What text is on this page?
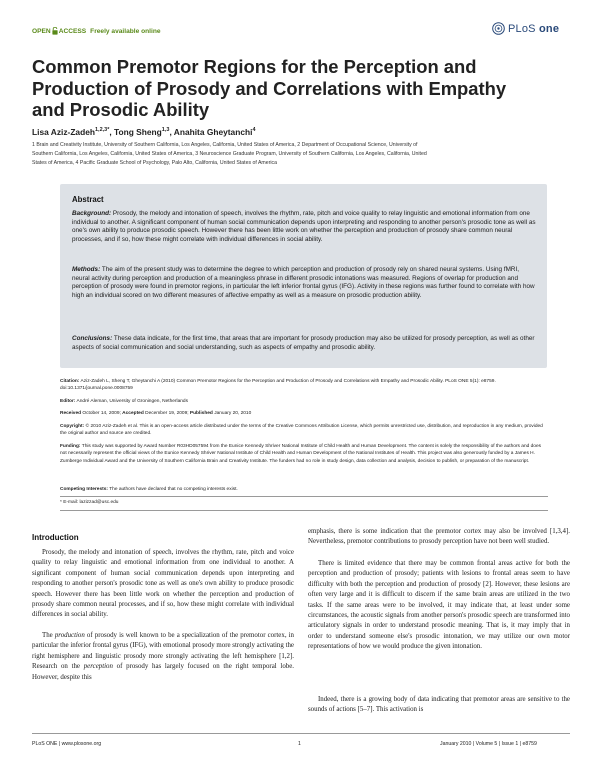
OPEN ACCESS Freely available online	PLoS one
Common Premotor Regions for the Perception and Production of Prosody and Correlations with Empathy and Prosodic Ability
Lisa Aziz-Zadeh$^{1,2,3*}$, Tong Sheng$^{1,3}$, Anahita Gheytanchi$^4$

1 Brain and Creativity Institute, University of Southern California, Los Angeles, California, United States of America, 2 Department of Occupational Science, University of

Southern California, Los Angeles, California, United States of America, 3 Neuroscience Graduate Program, University of Southern California, Los Angeles, California, United

States of America, 4 Pacific Graduate School of Psychology, Palo Alto, California, United States of America

Abstract

Background: Prosody, the melody and intonation of speech, involves the rhythm, rate, pitch and voice quality to relay linguistic and emotional information from one individual to another. A significant component of human social communication depends upon interpreting and responding to another person's prosodic tone as well as one's own ability to produce prosodic speech. However there has been little work on whether the perception and production of prosody share common neural processes, and if so, how these might correlate with individual differences in social ability.

Methods: The aim of the present study was to determine the degree to which perception and production of prosody rely on shared neural systems. Using fMRI, neural activity during perception and production of a meaningless phrase in different prosodic intonations was measured. Regions of overlap for production and perception of prosody were found in premotor regions, in particular the left inferior frontal gyrus (IFG). Activity in these regions was further found to correlate with how high an individual scored on two different measures of affective empathy as well as a measure on prosodic production ability.

Conclusions: These data indicate, for the first time, that areas that are important for prosody production may also be utilized for prosody perception, as well as other aspects of social communication and social understanding, such as aspects of empathy and prosodic ability.

Citation: Aziz-Zadeh L, Sheng T, Gheytanchi A (2010) Common Premotor Regions for the Perception and Production of Prosody and Correlations with Empathy and Prosodic Ability. PLoS ONE 5(1): e8759. doi:10.1371/journal.pone.0008759

Editor: André Aleman, University of Groningen, Netherlands

Received October 14, 2009; Accepted December 19, 2009; Published January 20, 2010

Copyright: © 2010 Aziz-Zadeh et al. This is an open-access article distributed under the terms of the Creative Commons Attribution License, which permits unrestricted use, distribution, and reproduction in any medium, provided the original author and source are credited.

Funding: This study was supported by Award Number R03HD057594 from the Eunice Kennedy Shriver National Institute of Child Health and Human Development. The content is solely the responsibility of the authors and does not necessarily represent the official views of the Eunice Kennedy Shriver National Institute of Child Health and Human Development of the National Institutes of Health. This project was also generously funded by a James H. Zumberge Individual Award and the University of Southern California Brain and Creativity Institute. The funders had no role in study design, data collection and analysis, decision to publish, or preparation of the manuscript.

Competing Interests: The authors have declared that no competing interests exist.

* E-mail: lazizzad@usc.edu

Introduction

Prosody, the melody and intonation of speech, involves the rhythm, rate, pitch and voice quality to relay linguistic and emotional information from one individual to another. A significant component of human social communication depends upon interpreting and responding to another person's prosodic tone as well as one's own ability to produce prosodic speech. However there has been little work on whether the perception and production of prosody share common neural processes, and if so, how these might correlate with individual differences in social ability.

The production of prosody is well known to be a specialization of the premotor cortex, in particular the inferior frontal gyrus (IFG), with emotional prosody more strongly activating the right hemisphere and linguistic prosody more strongly activating the left hemisphere [1,2]. Research on the perception of prosody has largely focused on the right temporal lobe. However, despite this

emphasis, there is some indication that the premotor cortex may also be involved [1,3,4]. Nevertheless, premotor contributions to prosody perception have not been well studied.

There is limited evidence that there may be common frontal areas active for both the perception and production of prosody; patients with lesions to frontal areas seem to have difficulty with both the perception and production of prosody [2]. However, these lesions are often very large and it is difficult to discern if the same brain areas are utilized in the two tasks. If the same areas were to be involved, it may indicate that, at least under some circumstances, the acoustic signals from another person's prosodic speech are transformed into articulatory signals in order to understand prosodic meaning. That is, it may imply that in order to understand someone else's prosodic intonation, we may utilize our own motor representations of how we would produce the given intonation.

Indeed, there is a growing body of data indicating that premotor areas are sensitive to the sounds of actions [5–7]. This activation is

PLoS ONE | www.plosone.org	1	January 2010 | Volume 5 | Issue 1 | e8759
